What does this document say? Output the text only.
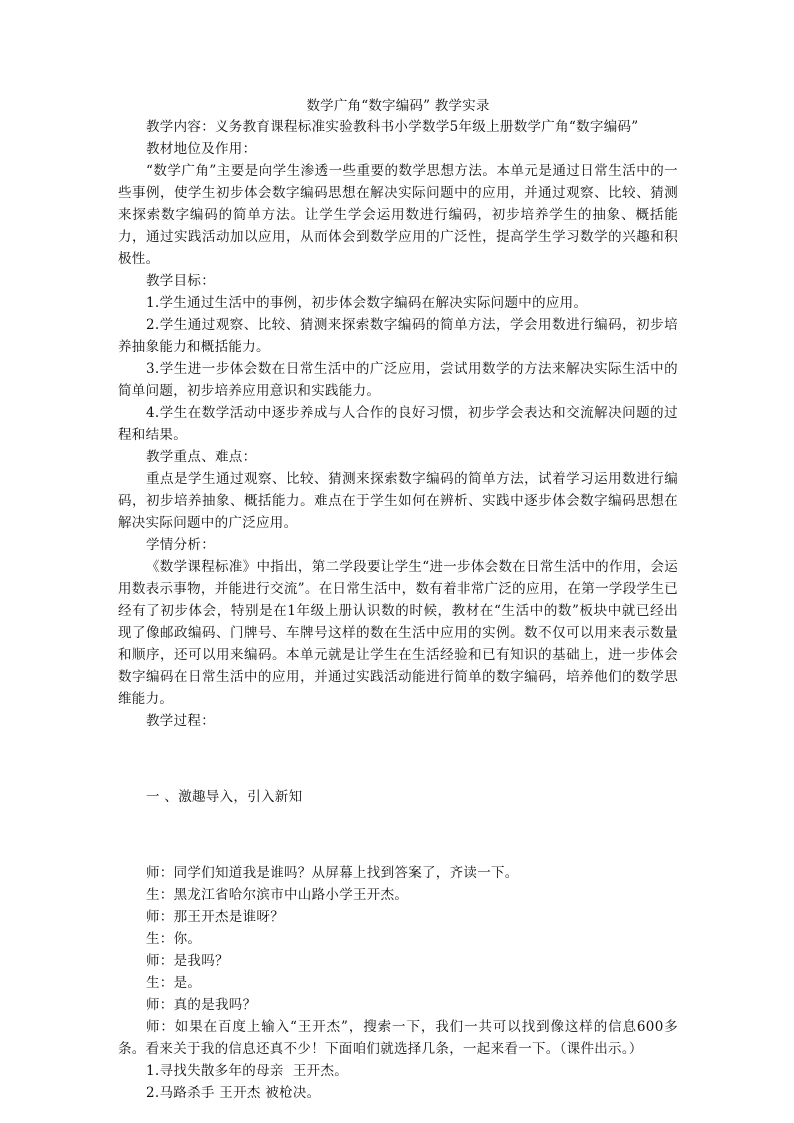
数学广角“数字编码” 教学实录

教学内容：义务教育课程标准实验教科书小学数学5年级上册数学广角“数字编码”

教材地位及作用：

“数学广角”主要是向学生渗透一些重要的数学思想方法。本单元是通过日常生活中的一些事例，使学生初步体会数字编码思想在解决实际问题中的应用，并通过观察、比较、猜测来探索数字编码的简单方法。让学生学会运用数进行编码，初步培养学生的抽象、概括能力，通过实践活动加以应用，从而体会到数学应用的广泛性，提高学生学习数学的兴趣和积极性。

教学目标：

1.学生通过生活中的事例，初步体会数字编码在解决实际问题中的应用。

2.学生通过观察、比较、猜测来探索数字编码的简单方法，学会用数进行编码，初步培养抽象能力和概括能力。

3.学生进一步体会数在日常生活中的广泛应用，尝试用数学的方法来解决实际生活中的简单问题，初步培养应用意识和实践能力。

4.学生在数学活动中逐步养成与人合作的良好习惯，初步学会表达和交流解决问题的过程和结果。

教学重点、难点：

重点是学生通过观察、比较、猜测来探索数字编码的简单方法，试着学习运用数进行编码，初步培养抽象、概括能力。难点在于学生如何在辨析、实践中逐步体会数字编码思想在解决实际问题中的广泛应用。

学情分析：

《数学课程标准》中指出，第二学段要让学生“进一步体会数在日常生活中的作用，会运用数表示事物，并能进行交流”。在日常生活中，数有着非常广泛的应用，在第一学段学生已经有了初步体会，特别是在1年级上册认识数的时候，教材在“生活中的数”板块中就已经出现了像邮政编码、门牌号、车牌号这样的数在生活中应用的实例。数不仅可以用来表示数量和顺序，还可以用来编码。本单元就是让学生在生活经验和已有知识的基础上，进一步体会数字编码在日常生活中的应用，并通过实践活动能进行简单的数字编码，培养他们的数学思维能力。

教学过程：

一 、激趣导入，引入新知

师：同学们知道我是谁吗？从屏幕上找到答案了，齐读一下。

生：黑龙江省哈尔滨市中山路小学王开杰。

师：那王开杰是谁呀？

生：你。

师：是我吗？

生：是。

师：真的是我吗？

师：如果在百度上输入“王开杰”，搜索一下，我们一共可以找到像这样的信息600多条。看来关于我的信息还真不少！下面咱们就选择几条，一起来看一下。（课件出示。）

1.寻找失散多年的母亲  王开杰。

2.马路杀手 王开杰 被枪决。
